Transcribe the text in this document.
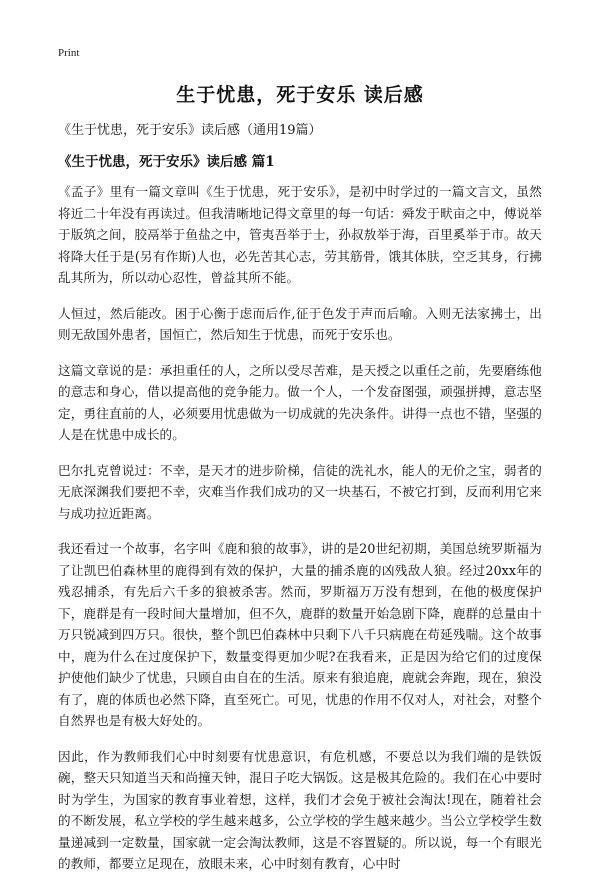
Print
生于忧患，死于安乐 读后感
《生于忧患，死于安乐》读后感（通用19篇）
《生于忧患，死于安乐》读后感 篇1

《孟子》里有一篇文章叫《生于忧患，死于安乐》，是初中时学过的一篇文言文，虽然将近二十年没有再读过。但我清晰地记得文章里的每一句话：舜发于畎亩之中，傅说举于版筑之间，胶鬲举于鱼盐之中，管夷吾举于士，孙叔敖举于海，百里奚举于市。故天将降大任于是(另有作斯)人也，必先苦其心志，劳其筋骨，饿其体肤，空乏其身，行拂乱其所为，所以动心忍性，曾益其所不能。

人恒过，然后能改。困于心衡于虑而后作,征于色发于声而后喻。入则无法家拂士，出则无敌国外患者，国恒亡，然后知生于忧患，而死于安乐也。

这篇文章说的是：承担重任的人，之所以受尽苦难，是天授之以重任之前，先要磨练他的意志和身心，借以提高他的竞争能力。做一个人，一个发奋图强，顽强拼搏，意志坚定，勇往直前的人，必须要用忧患做为一切成就的先决条件。讲得一点也不错，坚强的人是在忧患中成长的。

巴尔扎克曾说过：不幸，是天才的进步阶梯，信徒的洗礼水，能人的无价之宝，弱者的无底深渊我们要把不幸，灾难当作我们成功的又一块基石，不被它打到，反而利用它来与成功拉近距离。

我还看过一个故事，名字叫《鹿和狼的故事》，讲的是20世纪初期，美国总统罗斯福为了让凯巴伯森林里的鹿得到有效的保护，大量的捕杀鹿的凶残敌人狼。经过20xx年的残忍捕杀，有先后六千多的狼被杀害。然而，罗斯福万万没有想到，在他的极度保护下，鹿群是有一段时间大量增加，但不久，鹿群的数量开始急剧下降，鹿群的总量由十万只锐减到四万只。很快，整个凯巴伯森林中只剩下八千只病鹿在苟延残喘。这个故事中，鹿为什么在过度保护下，数量变得更加少呢?在我看来，正是因为给它们的过度保护使他们缺少了忧患，只顾自由自在的生活。原来有狼追鹿，鹿就会奔跑，现在，狼没有了，鹿的体质也必然下降，直至死亡。可见，忧患的作用不仅对人，对社会，对整个自然界也是有极大好处的。

因此，作为教师我们心中时刻要有忧患意识，有危机感，不要总以为我们端的是铁饭碗，整天只知道当天和尚撞天钟，混日子吃大锅饭。这是极其危险的。我们在心中要时时为学生，为国家的教育事业着想，这样，我们才会免于被社会淘汰!现在，随着社会的不断发展，私立学校的学生越来越多，公立学校的学生越来越少。当公立学校学生数量递减到一定数量，国家就一定会淘汰教师，这是不容置疑的。所以说，每一个有眼光的教师，都要立足现在，放眼未来，心中时刻有教育，心中时
